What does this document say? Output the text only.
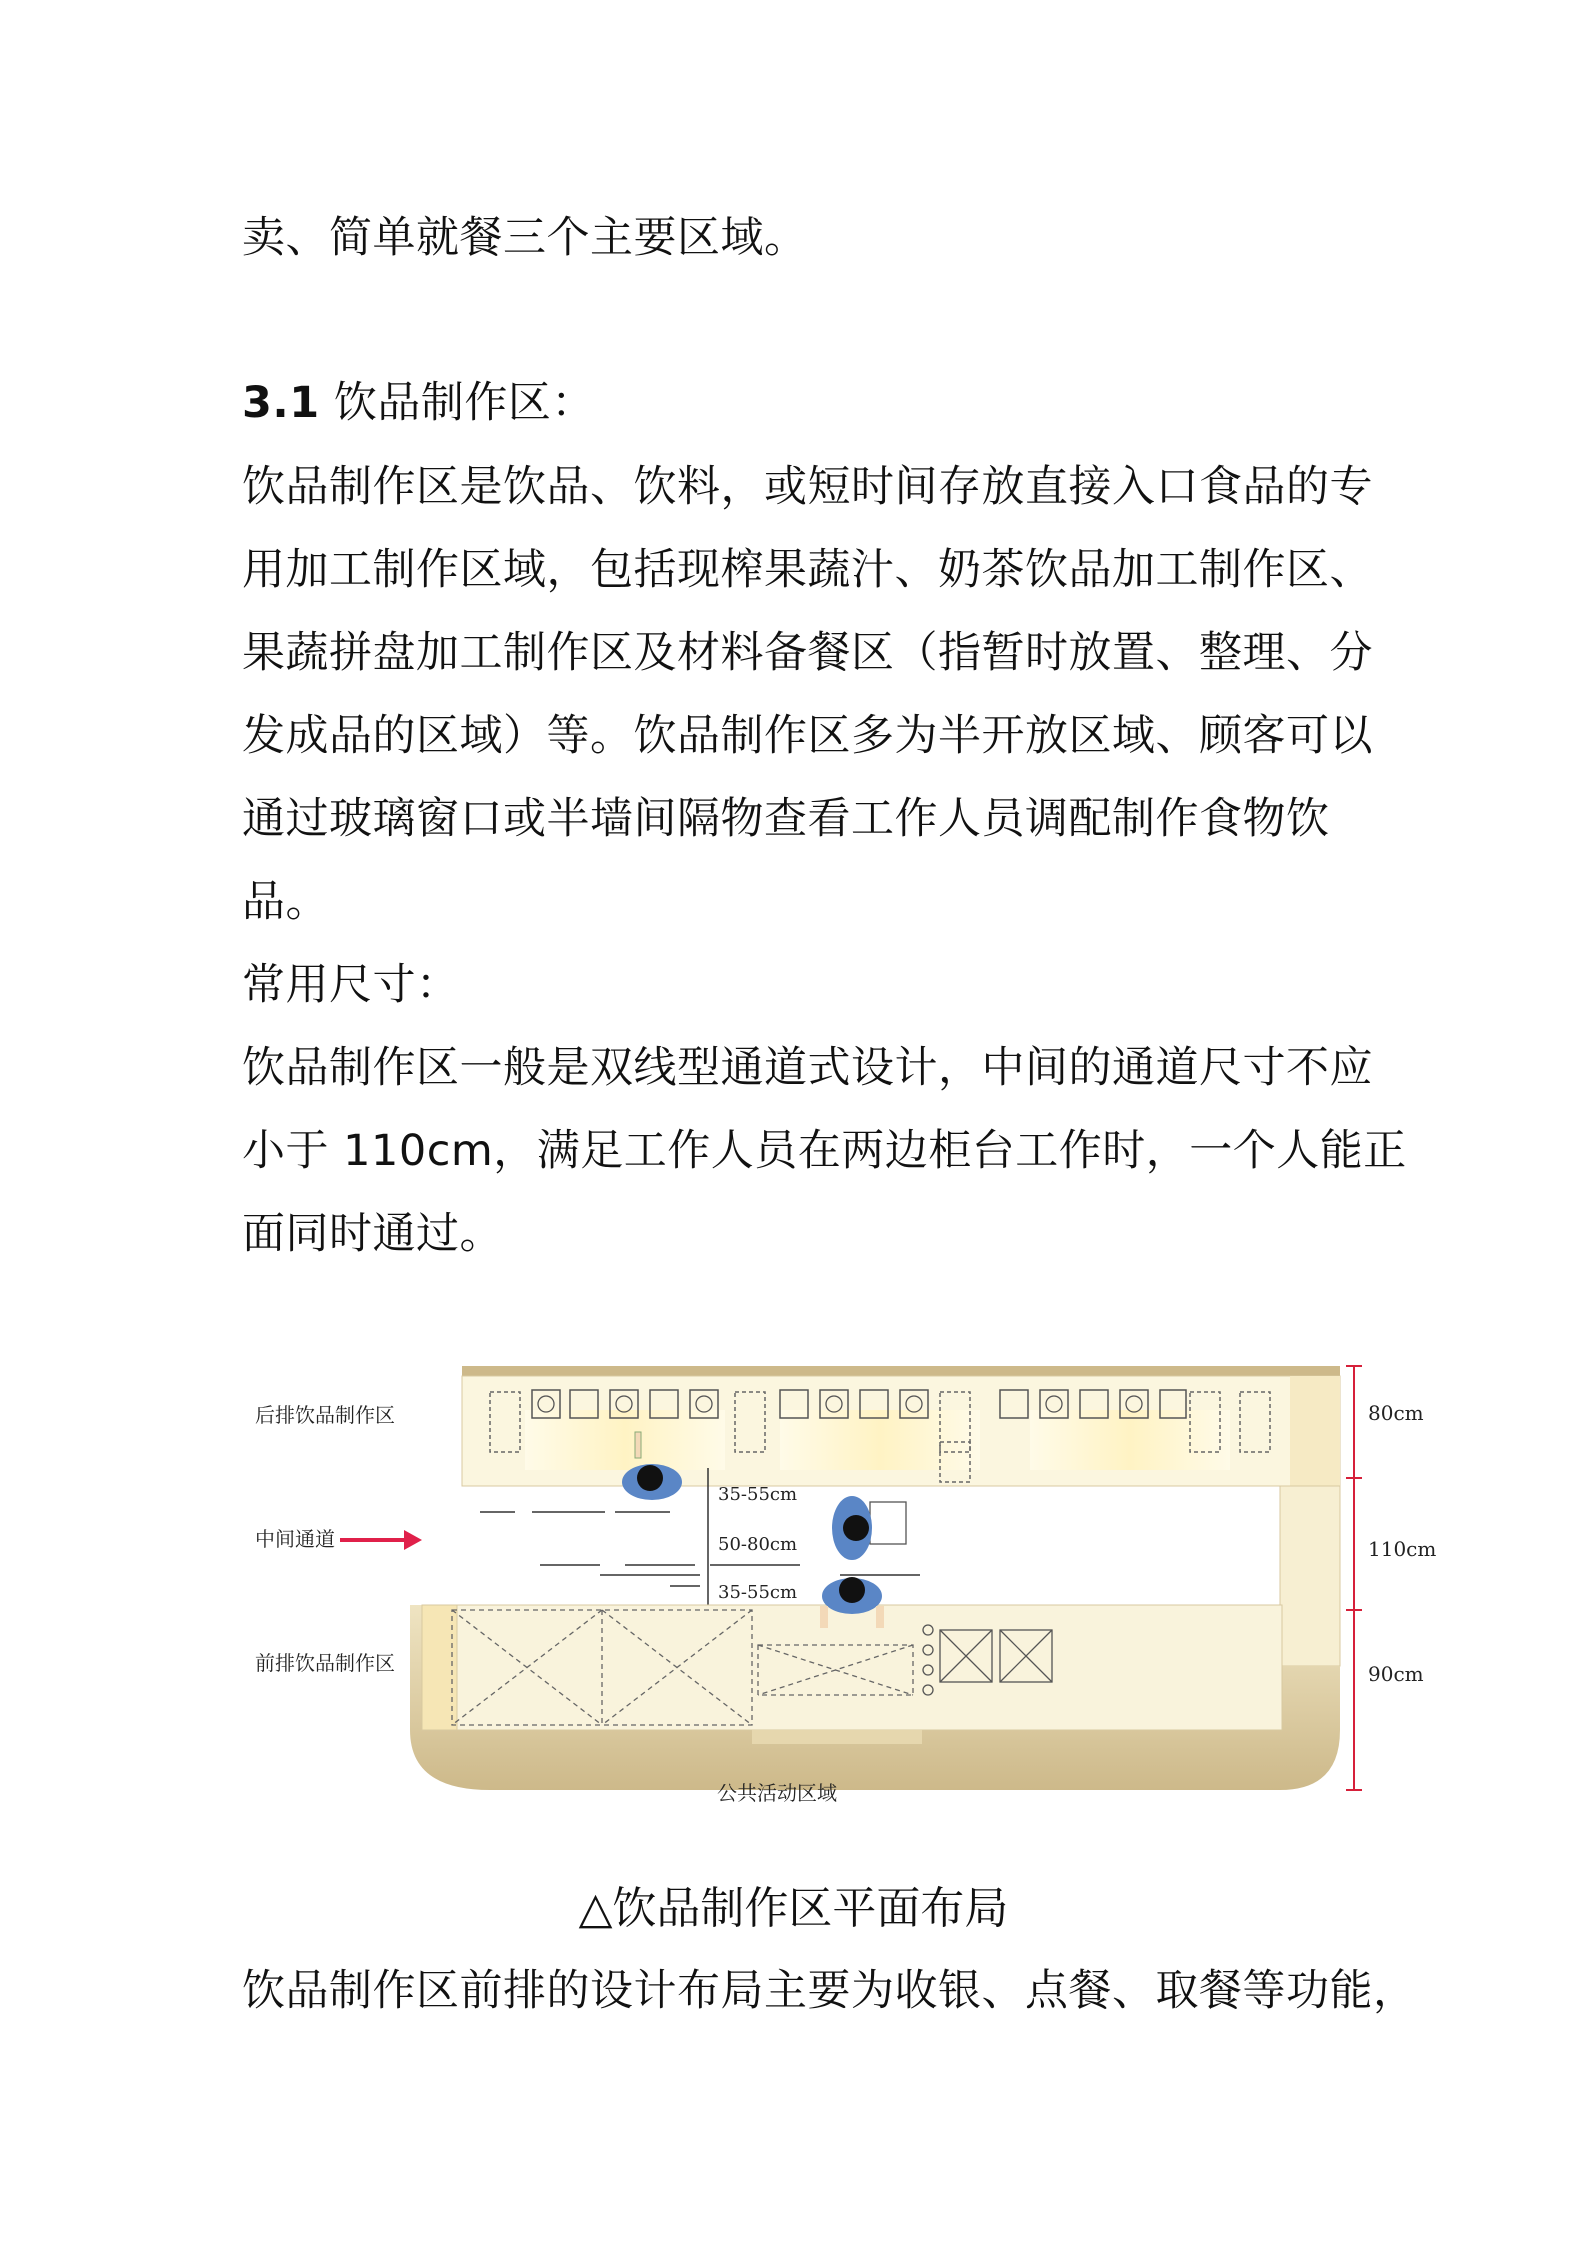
卖、简单就餐三个主要区域。
3.1 饮品制作区：
饮品制作区是饮品、饮料，或短时间存放直接入口食品的专
用加工制作区域，包括现榨果蔬汁、奶茶饮品加工制作区、
果蔬拼盘加工制作区及材料备餐区（指暂时放置、整理、分
发成品的区域）等。饮品制作区多为半开放区域、顾客可以
通过玻璃窗口或半墙间隔物查看工作人员调配制作食物饮
品。
常用尺寸：
饮品制作区一般是双线型通道式设计，中间的通道尺寸不应
小于 110cm，满足工作人员在两边柜台工作时，一个人能正
面同时通过。
后排饮品制作区
中间通道
前排饮品制作区
35-55cm
50-80cm
35-55cm
80cm
110cm
90cm
公共活动区域
△饮品制作区平面布局
饮品制作区前排的设计布局主要为收银、点餐、取餐等功能，
